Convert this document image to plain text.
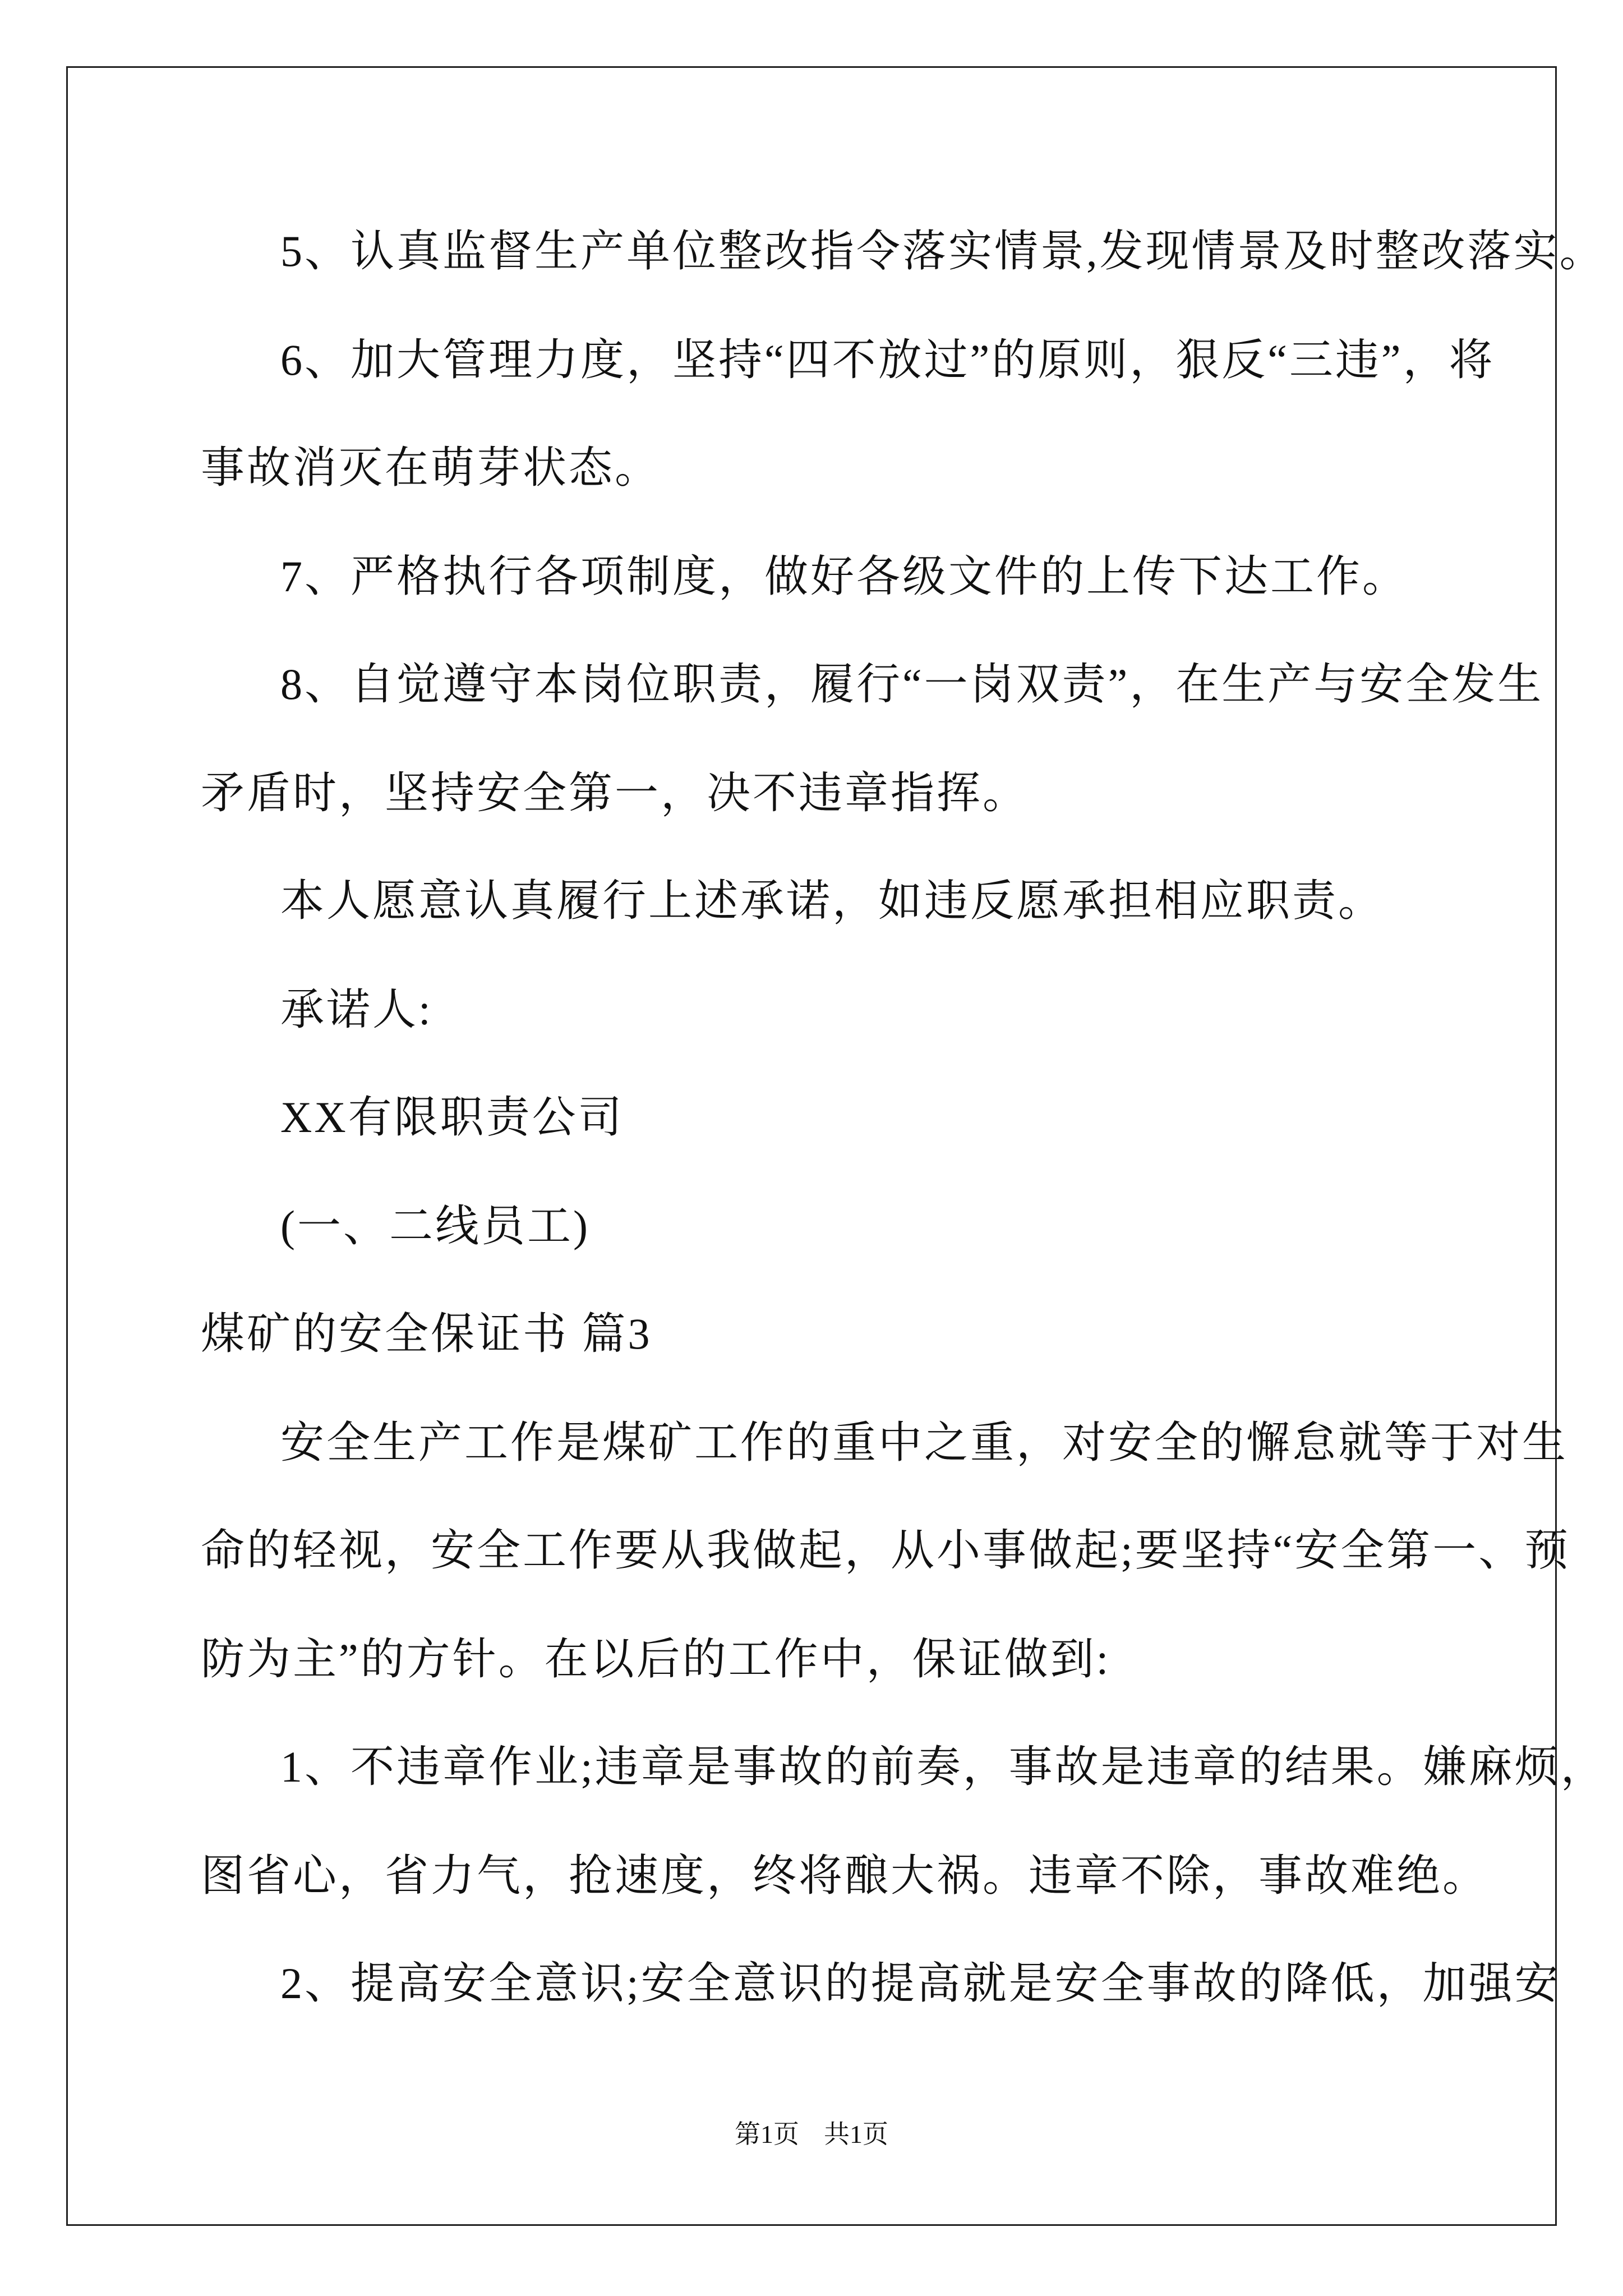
5、认真监督生产单位整改指令落实情景,发现情景及时整改落实。
6、加大管理力度，坚持“四不放过”的原则，狠反“三违”，将
事故消灭在萌芽状态。
7、严格执行各项制度，做好各级文件的上传下达工作。
8、自觉遵守本岗位职责，履行“一岗双责”，在生产与安全发生
矛盾时，坚持安全第一，决不违章指挥。
本人愿意认真履行上述承诺，如违反愿承担相应职责。
承诺人:
XX有限职责公司
(一、二线员工)
煤矿的安全保证书 篇3
安全生产工作是煤矿工作的重中之重，对安全的懈怠就等于对生
命的轻视，安全工作要从我做起，从小事做起;要坚持“安全第一、预
防为主”的方针。在以后的工作中，保证做到:
1、不违章作业;违章是事故的前奏，事故是违章的结果。嫌麻烦，
图省心，省力气，抢速度，终将酿大祸。违章不除，事故难绝。
2、提高安全意识;安全意识的提高就是安全事故的降低，加强安
第1页 共1页
